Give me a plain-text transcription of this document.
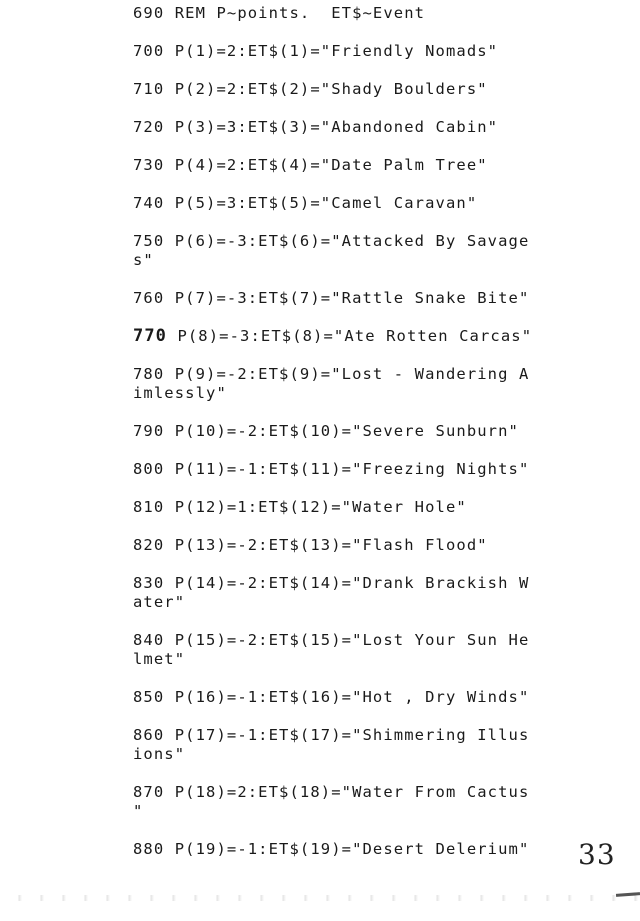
690 REM P~points.  ET$~Event
700 P(1)=2:ET$(1)="Friendly Nomads"
710 P(2)=2:ET$(2)="Shady Boulders"
720 P(3)=3:ET$(3)="Abandoned Cabin"
730 P(4)=2:ET$(4)="Date Palm Tree"
740 P(5)=3:ET$(5)="Camel Caravan"
750 P(6)=-3:ET$(6)="Attacked By Savage
s"
760 P(7)=-3:ET$(7)="Rattle Snake Bite"
770 P(8)=-3:ET$(8)="Ate Rotten Carcas"
780 P(9)=-2:ET$(9)="Lost - Wandering A
imlessly"
790 P(10)=-2:ET$(10)="Severe Sunburn"
800 P(11)=-1:ET$(11)="Freezing Nights"
810 P(12)=1:ET$(12)="Water Hole"
820 P(13)=-2:ET$(13)="Flash Flood"
830 P(14)=-2:ET$(14)="Drank Brackish W
ater"
840 P(15)=-2:ET$(15)="Lost Your Sun He
lmet"
850 P(16)=-1:ET$(16)="Hot , Dry Winds"
860 P(17)=-1:ET$(17)="Shimmering Illus
ions"
870 P(18)=2:ET$(18)="Water From Cactus
"
880 P(19)=-1:ET$(19)="Desert Delerium"	33
